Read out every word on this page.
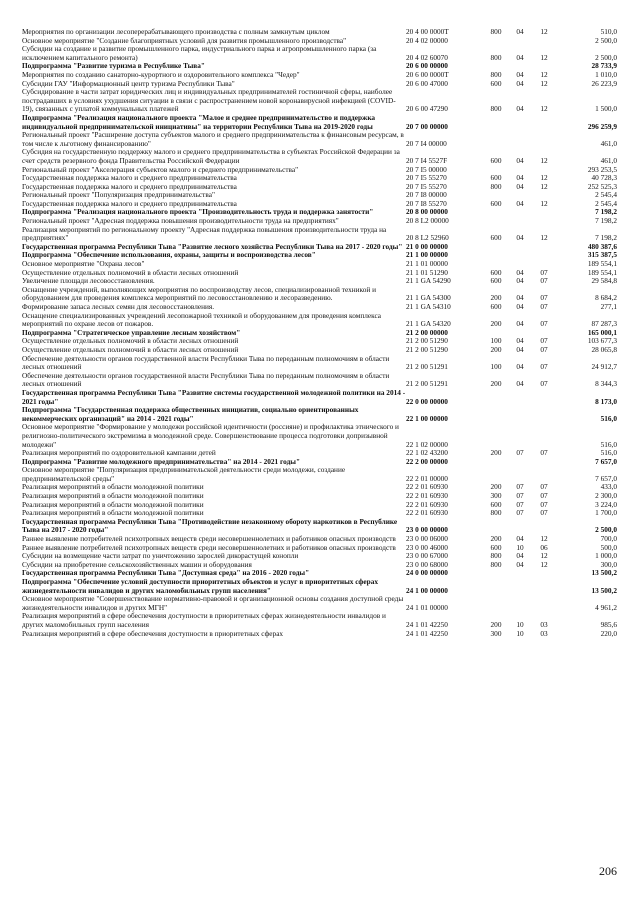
Мероприятия по организации лесоперерабатывающего производства с полным замкнутым циклом	20 4 00 0000Т	800	04	12	510,0
Основное мероприятие "Создание благоприятных условий для развития промышленного производства"	20 4 02 00000				2 500,0
Субсидии на создание и развитие промышленного парка, индустриального парка и агропромышленного парка (за исключением капитального ремонта)	20 4 02 60070	800	04	12	2 500,0
Подпрограмма "Развитие туризма в Республике Тыва"	20 6 00 00000				28 733,9
Мероприятия по созданию санаторно-курортного и оздоровительного комплекса "Чедер"	20 6 00 0000Т	800	04	12	1 010,0
Субсидии ГАУ "Информационный центр туризма Республики Тыва"	20 6 00 47000	600	04	12	26 223,9
Субсидирование в части затрат юридических лиц и индивидуальных предпринимателей гостиничной сферы, наиболее пострадавших в условиях ухудшения ситуации в связи с распространением новой коронавирусной инфекцией (COVID-19), связанных с уплатой коммунальных платежей	20 6 00 47290	800	04	12	1 500,0
Подпрограмма "Реализация национального проекта "Малое и среднее предпринимательство и поддержка индивидуальной предпринимательской инициативы" на территории Республики Тыва на 2019-2020 годы	20 7 00 00000				296 259,9
Региональный проект "Расширение доступа субъектов малого и среднего предпринимательства к финансовым ресурсам, в том числе к льготному финансированию"	20 7 I4 00000				461,0
Субсидия на государственную поддержку малого и среднего предпринимательства в субъектах Российской Федерации за счет средств резервного фонда Правительства Российской Федерации	20 7 I4 5527F	600	04	12	461,0
Региональный проект "Акселерация субъектов малого и среднего предпринимательства"	20 7 I5 00000				293 253,5
Государственная поддержка малого и среднего предпринимательства	20 7 I5 55270	600	04	12	40 728,3
Государственная поддержка малого и среднего предпринимательства	20 7 I5 55270	800	04	12	252 525,3
Региональный проект "Популяризация предпринимательства"	20 7 I8 00000				2 545,4
Государственная поддержка малого и среднего предпринимательства	20 7 I8 55270	600	04	12	2 545,4
Подпрограмма "Реализация национального проекта "Производительность труда и поддержка занятости"	20 8 00 00000				7 198,2
Региональный проект "Адресная поддержка повышения производительности труда на предприятиях"	20 8 L2 00000				7 198,2
Реализация мероприятий по региональному проекту "Адресная поддержка повышения производительности труда на предприятиях"	20 8 L2 52960	600	04	12	7 198,2
Государственная программа Республики Тыва "Развитие лесного хозяйства Республики Тыва на 2017 - 2020 годы"	21 0 00 00000				480 387,6
Подпрограмма "Обеспечение использования, охраны, защиты и воспроизводства лесов"	21 1 00 00000				315 387,5
Основное мероприятие "Охрана лесов"	21 1 01 00000				189 554,1
Осуществление отдельных полномочий в области лесных отношений	21 1 01 51290	600	04	07	189 554,1
Увеличение площади лесовосстановления.	21 1 GA 54290	600	04	07	29 584,8
Оснащение учреждений, выполняющих мероприятия по воспроизводству лесов, специализированной техникой и оборудованием для проведения комплекса мероприятий по лесовосстановлению и лесоразведению.	21 1 GA 54300	200	04	07	8 684,2
Формирование запаса лесных семян для лесовосстановления.	21 1 GA 54310	600	04	07	277,1
Оснащение специализированных учреждений лесопожарной техникой и оборудованием для проведения комплекса мероприятий по охране лесов от пожаров.	21 1 GA 54320	200	04	07	87 287,3
Подпрограмма "Стратегическое управление лесным хозяйством"	21 2 00 00000				165 000,1
Осуществление отдельных полномочий в области лесных отношений	21 2 00 51290	100	04	07	103 677,3
Осуществление отдельных полномочий в области лесных отношений	21 2 00 51290	200	04	07	28 065,8
Обеспечение деятельности органов государственной власти Республики Тыва по переданным полномочиям в области лесных отношений	21 2 00 51291	100	04	07	24 912,7
Обеспечение деятельности органов государственной власти Республики Тыва по переданным полномочиям в области лесных отношений	21 2 00 51291	200	04	07	8 344,3
Государственная программа Республики Тыва "Развитие системы государственной молодежной политики на 2014 - 2021 годы"	22 0 00 00000				8 173,0
Подпрограмма "Государственная поддержка общественных инициатив, социально ориентированных некоммерческих организаций" на 2014 - 2021 годы"	22 1 00 00000				516,0
Основное мероприятие "Формирование у молодежи российской идентичности (россияне) и профилактика этнического и религиозно-политического экстремизма в молодежной среде. Совершенствование процесса подготовки допризывной молодежи"	22 1 02 00000				516,0
Реализация мероприятий по оздоровительной кампании детей	22 1 02 43200	200	07	07	516,0
Подпрограмма "Развитие молодежного предпринимательства" на 2014 - 2021 годы"	22 2 00 00000				7 657,0
Основное мероприятие "Популяризация предпринимательской деятельности среди молодежи, создание предпринимательской среды"	22 2 01 00000				7 657,0
Реализация мероприятий в области молодежной политики	22 2 01 60930	200	07	07	433,0
Реализация мероприятий в области молодежной политики	22 2 01 60930	300	07	07	2 300,0
Реализация мероприятий в области молодежной политики	22 2 01 60930	600	07	07	3 224,0
Реализация мероприятий в области молодежной политики	22 2 01 60930	800	07	07	1 700,0
Государственная программа Республики Тыва "Противодействие незаконному обороту наркотиков в Республике Тыва на 2017 - 2020 годы"	23 0 00 00000				2 500,0
Раннее выявление потребителей психотропных веществ среди несовершеннолетних и работников опасных производств	23 0 00 06000	200	04	12	700,0
Раннее выявление потребителей психотропных веществ среди несовершеннолетних и работников опасных производств	23 0 00 46000	600	10	06	500,0
Субсидии на возмещение части затрат по уничтожению зарослей дикорастущей конопли	23 0 00 67000	800	04	12	1 000,0
Субсидии на приобретение сельскохозяйственных машин и оборудования	23 0 00 68000	800	04	12	300,0
Государственная программа Республики Тыва "Доступная среда" на 2016 - 2020 годы"	24 0 00 00000				13 500,2
Подпрограмма "Обеспечение условий доступности приоритетных объектов и услуг в приоритетных сферах жизнедеятельности инвалидов и других маломобильных групп населения"	24 1 00 00000				13 500,2
Основное мероприятие "Совершенствование нормативно-правовой и организационной основы создания доступной среды жизнедеятельности инвалидов и других МГН"	24 1 01 00000				4 961,2
Реализация мероприятий в сфере обеспечения доступности в приоритетных сферах жизнедеятельности инвалидов и других маломобильных групп населения	24 1 01 42250	200	10	03	985,6
Реализация мероприятий в сфере обеспечения доступности в приоритетных сферах	24 1 01 42250	300	10	03	220,0
206
